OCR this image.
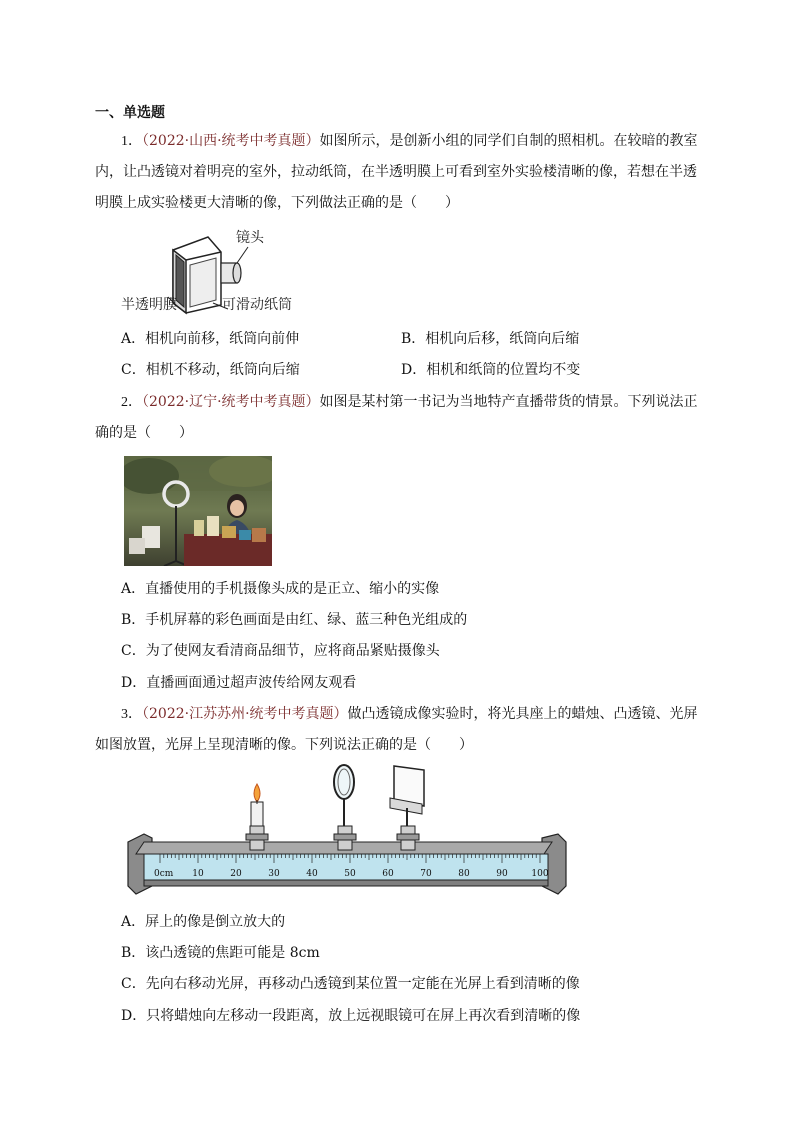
一、单选题
1．（2022·山西·统考中考真题）如图所示，是创新小组的同学们自制的照相机。在较暗的教室
内，让凸透镜对着明亮的室外，拉动纸筒，在半透明膜上可看到室外实验楼清晰的像，若想在半透
明膜上成实验楼更大清晰的像，下列做法正确的是（　　）
镜头
半透明膜	可滑动纸筒
A．相机向前移，纸筒向前伸	B．相机向后移，纸筒向后缩
C．相机不移动，纸筒向后缩	D．相机和纸筒的位置均不变
2．（2022·辽宁·统考中考真题）如图是某村第一书记为当地特产直播带货的情景。下列说法正
确的是（　　）
A．直播使用的手机摄像头成的是正立、缩小的实像
B．手机屏幕的彩色画面是由红、绿、蓝三种色光组成的
C．为了使网友看清商品细节，应将商品紧贴摄像头
D．直播画面通过超声波传给网友观看
3．（2022·江苏苏州·统考中考真题）做凸透镜成像实验时，将光具座上的蜡烛、凸透镜、光屏
如图放置，光屏上呈现清晰的像。下列说法正确的是（　　）
0cm 10	20	30	40	50	60	70	80	90	100
A．屏上的像是倒立放大的
B．该凸透镜的焦距可能是 8cm
C．先向右移动光屏，再移动凸透镜到某位置一定能在光屏上看到清晰的像
D．只将蜡烛向左移动一段距离，放上远视眼镜可在屏上再次看到清晰的像
